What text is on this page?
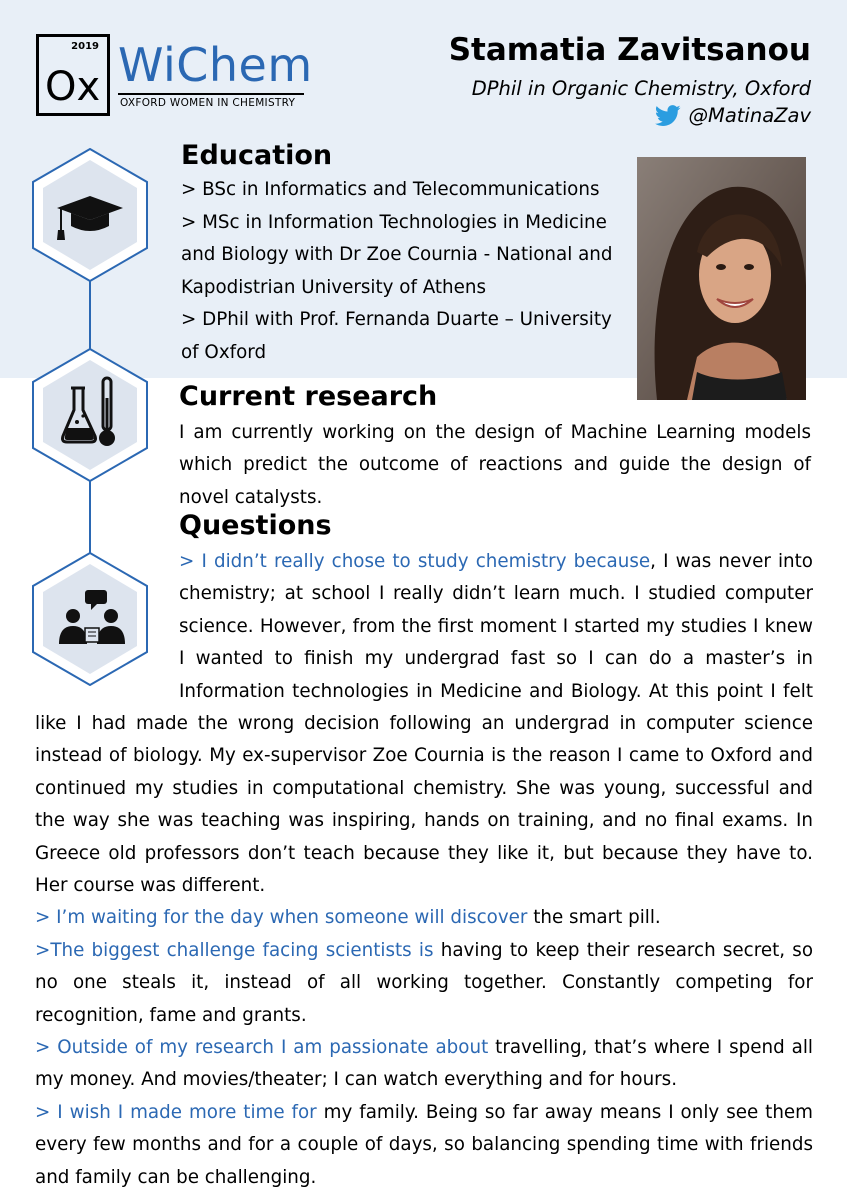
2019
Ox WiChem
OXFORD WOMEN IN CHEMISTRY
Stamatia Zavitsanou
DPhil in Organic Chemistry, Oxford
@MatinaZav
Education
> BSc in Informatics and Telecommunications
> MSc in Information Technologies in Medicine
and Biology with Dr Zoe Cournia - National and
Kapodistrian University of Athens
> DPhil with Prof. Fernanda Duarte – University
of Oxford
Current research
I am currently working on the design of Machine Learning models
which predict the outcome of reactions and guide the design of
novel catalysts.
Questions
> I didn’t really chose to study chemistry because, I was never into
chemistry; at school I really didn’t learn much. I studied computer
science. However, from the first moment I started my studies I knew
I wanted to finish my undergrad fast so I can do a master’s in
Information technologies in Medicine and Biology. At this point I felt
like I had made the wrong decision following an undergrad in computer science
instead of biology. My ex-supervisor Zoe Cournia is the reason I came to Oxford and
continued my studies in computational chemistry. She was young, successful and
the way she was teaching was inspiring, hands on training, and no final exams. In
Greece old professors don’t teach because they like it, but because they have to.
Her course was different.
> I’m waiting for the day when someone will discover the smart pill.
>The biggest challenge facing scientists is having to keep their research secret, so
no one steals it, instead of all working together. Constantly competing for
recognition, fame and grants.
> Outside of my research I am passionate about travelling, that’s where I spend all
my money. And movies/theater; I can watch everything and for hours.
> I wish I made more time for my family. Being so far away means I only see them
every few months and for a couple of days, so balancing spending time with friends
and family can be challenging.
